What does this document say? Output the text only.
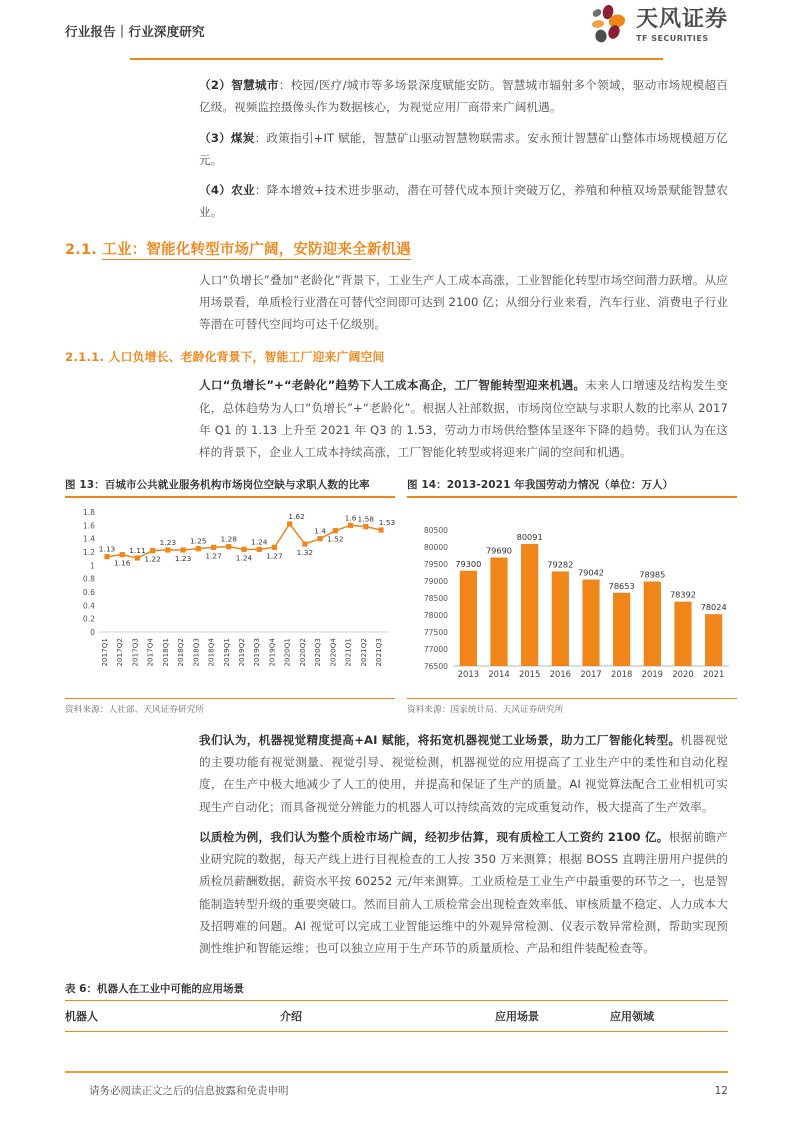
行业报告｜行业深度研究	天风证券
TF SECURITIES

（2）智慧城市：校园/医疗/城市等多场景深度赋能安防。智慧城市辐射多个领域，驱动市场规模超百亿级。视频监控摄像头作为数据核心，为视觉应用厂商带来广阔机遇。

（3）煤炭：政策指引+IT 赋能，智慧矿山驱动智慧物联需求。安永预计智慧矿山整体市场规模超万亿元。

（4）农业：降本增效+技术进步驱动，潜在可替代成本预计突破万亿，养殖和种植双场景赋能智慧农业。

2.1. 工业：智能化转型市场广阔，安防迎来全新机遇

人口“负增长”叠加“老龄化”背景下，工业生产人工成本高涨，工业智能化转型市场空间潜力跃增。从应用场景看，单质检行业潜在可替代空间即可达到 2100 亿；从细分行业来看，汽车行业、消费电子行业等潜在可替代空间均可达千亿级别。

2.1.1. 人口负增长、老龄化背景下，智能工厂迎来广阔空间

人口“负增长”+“老龄化”趋势下人工成本高企，工厂智能转型迎来机遇。未来人口增速及结构发生变化，总体趋势为人口“负增长”+“老龄化”。根据人社部数据，市场岗位空缺与求职人数的比率从 2017 年 Q1 的 1.13 上升至 2021 年 Q3 的 1.53，劳动力市场供给整体呈逐年下降的趋势。我们认为在这样的背景下，企业人工成本持续高涨，工厂智能化转型或将迎来广阔的空间和机遇。

图 13：百城市公共就业服务机构市场岗位空缺与求职人数的比率
0
0.2
0.4
0.6
0.8
1
1.2
1.4
1.6
1.8
1.13
1.16
1.11
1.22
1.23
1.23
1.25
1.27
1.28
1.24
1.24
1.27
1.62
1.32
1.4
1.52
1.6 1.58 1.53
2017Q1 2017Q2 2017Q3 2017Q4 2018Q1 2018Q2 2018Q3 2018Q4 2019Q1 2019Q2 2019Q3 2019Q4 2020Q1 2020Q2 2020Q3 2020Q4 2021Q1 2021Q2 2021Q3
资料来源：人社部、天风证券研究所
图 14：2013-2021 年我国劳动力情况（单位：万人）
76500
77000
77500
78000
78500
79000
79500
80000
80500
79300
2013
79690
2014
80091
2015
79282
2016
79042
2017
78653
2018
78985
2019
78392
2020
78024
2021
资料来源：国家统计局、天风证券研究所

我们认为，机器视觉精度提高+AI 赋能，将拓宽机器视觉工业场景，助力工厂智能化转型。机器视觉的主要功能有视觉测量、视觉引导、视觉检测，机器视觉的应用提高了工业生产中的柔性和自动化程度，在生产中极大地减少了人工的使用，并提高和保证了生产的质量。AI 视觉算法配合工业相机可实现生产自动化；而具备视觉分辨能力的机器人可以持续高效的完成重复动作，极大提高了生产效率。

以质检为例，我们认为整个质检市场广阔，经初步估算，现有质检工人工资约 2100 亿。根据前瞻产业研究院的数据，每天产线上进行目视检查的工人按 350 万来测算；根据 BOSS 直聘注册用户提供的质检员薪酬数据，薪资水平按 60252 元/年来测算。工业质检是工业生产中最重要的环节之一，也是智能制造转型升级的重要突破口。然而目前人工质检常会出现检查效率低、审核质量不稳定、人力成本大及招聘难的问题。AI 视觉可以完成工业智能运维中的外观异常检测、仪表示数异常检测，帮助实现预测性维护和智能运维；也可以独立应用于生产环节的质量质检、产品和组件装配检查等。

表 6：机器人在工业中可能的应用场景
机器人	介绍	应用场景	应用领域

请务必阅读正文之后的信息披露和免责申明	12
